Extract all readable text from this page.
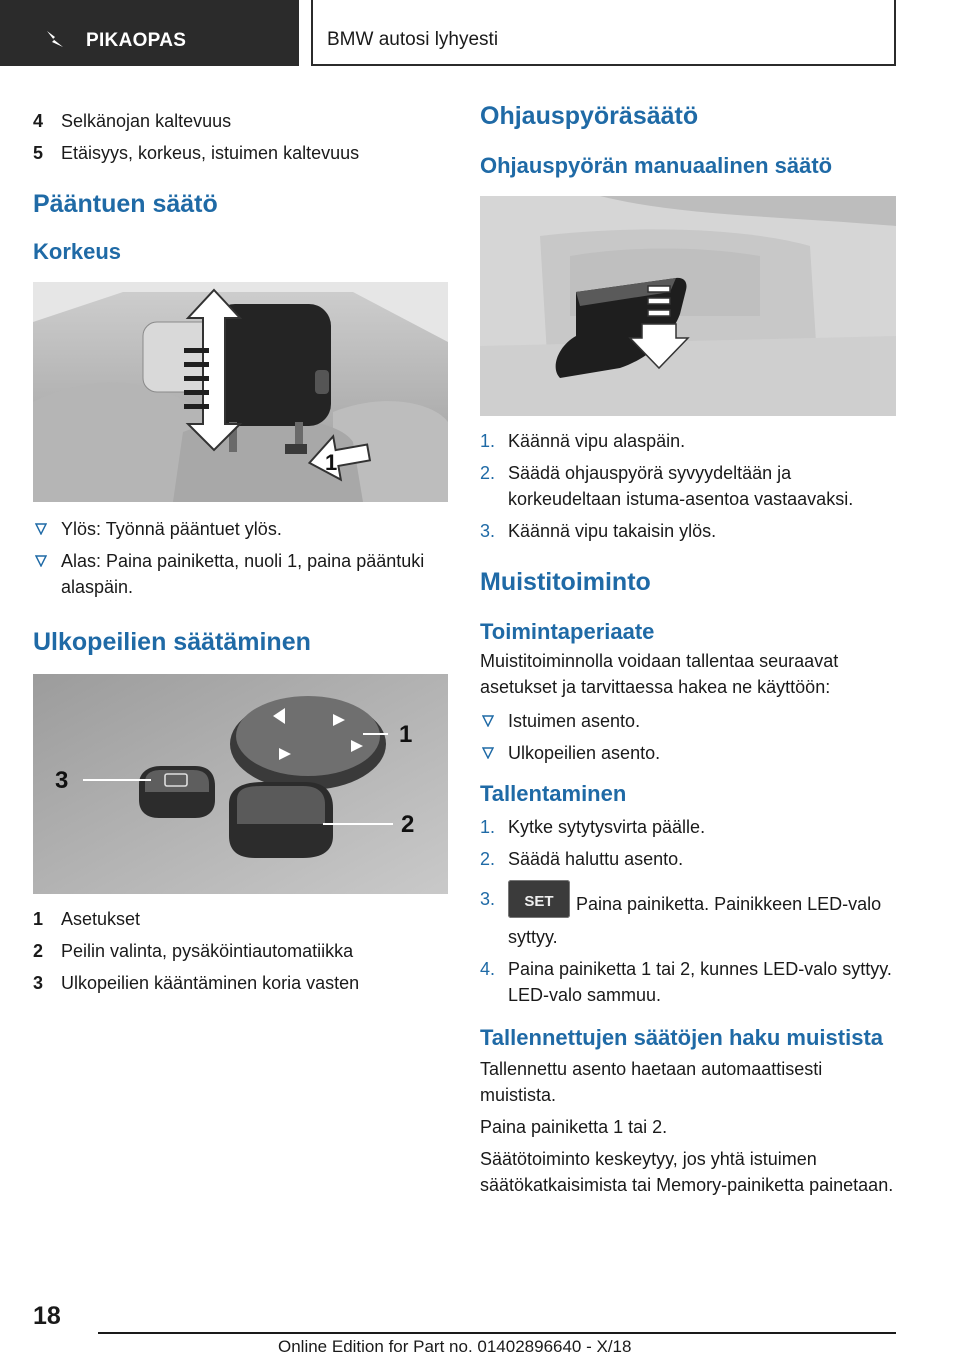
PIKAOPAS	BMW autosi lyhyesti
4 Selkänojan kaltevuus
5 Etäisyys, korkeus, istuimen kaltevuus
Pääntuen säätö
Korkeus
1
Ylös: Työnnä pääntuet ylös.
Alas: Paina painiketta, nuoli 1, paina pääntuki alaspäin.
Ulkopeilien säätäminen
1
2
3
1 Asetukset
2 Peilin valinta, pysäköintiautomatiikka
3 Ulkopeilien kääntäminen koria vasten
Ohjauspyöräsäätö
Ohjauspyörän manuaalinen säätö
1. Käännä vipu alaspäin.
2. Säädä ohjauspyörä syvyydeltään ja korkeudeltaan istuma-asentoa vastaavaksi.
3. Käännä vipu takaisin ylös.
Muistitoiminto
Toimintaperiaate
Muistitoiminnolla voidaan tallentaa seuraavat asetukset ja tarvittaessa hakea ne käyttöön:
Istuimen asento.
Ulkopeilien asento.
Tallentaminen
1. Kytke sytytysvirta päälle.
2. Säädä haluttu asento.
3.	SET	Paina painiketta. Painikkeen LED-valo syttyy.
4. Paina painiketta 1 tai 2, kunnes LED-valo syttyy. LED-valo sammuu.
Tallennettujen säätöjen haku muistista
Tallennettu asento haetaan automaattisesti muistista.
Paina painiketta 1 tai 2.
Säätötoiminto keskeytyy, jos yhtä istuimen säätökatkaisimista tai Memory-painiketta painetaan.
18
Online Edition for Part no. 01402896640 - X/18
